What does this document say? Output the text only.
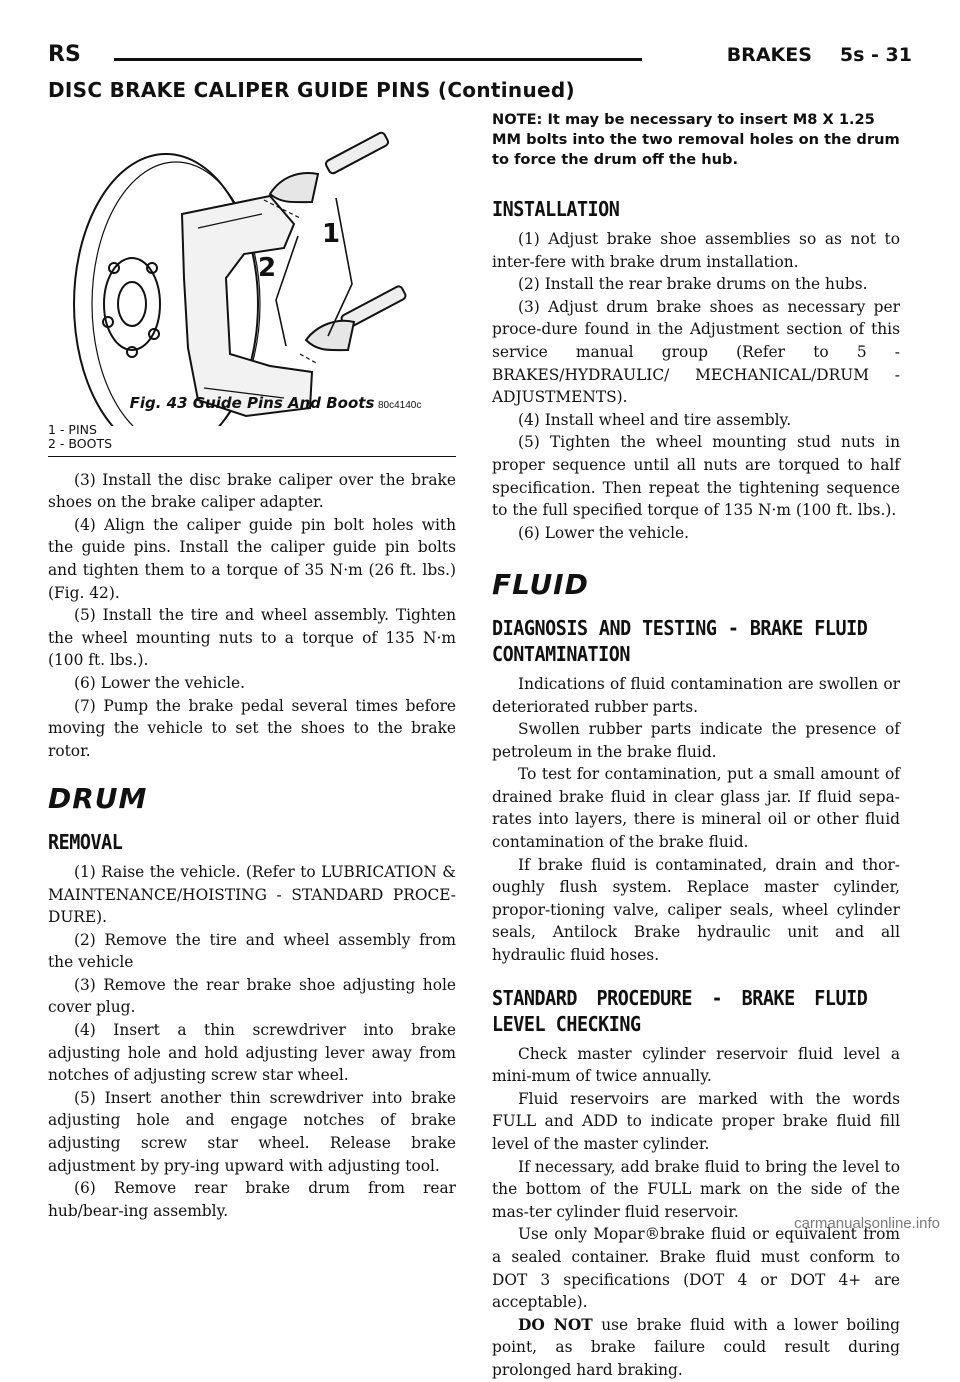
RS	BRAKES 5s - 31
DISC BRAKE CALIPER GUIDE PINS (Continued)
2
1
80c4140c
Fig. 43 Guide Pins And Boots
1 - PINS
2 - BOOTS

(3) Install the disc brake caliper over the brake shoes on the brake caliper adapter.

(4) Align the caliper guide pin bolt holes with the guide pins. Install the caliper guide pin bolts and tighten them to a torque of 35 N·m (26 ft. lbs.) (Fig. 42).

(5) Install the tire and wheel assembly. Tighten the wheel mounting nuts to a torque of 135 N·m (100 ft. lbs.).

(6) Lower the vehicle.

(7) Pump the brake pedal several times before moving the vehicle to set the shoes to the brake rotor.

DRUM
REMOVAL

(1) Raise the vehicle. (Refer to LUBRICATION & MAINTENANCE/HOISTING - STANDARD PROCE-DURE).

(2) Remove the tire and wheel assembly from the vehicle

(3) Remove the rear brake shoe adjusting hole cover plug.

(4) Insert a thin screwdriver into brake adjusting hole and hold adjusting lever away from notches of adjusting screw star wheel.

(5) Insert another thin screwdriver into brake adjusting hole and engage notches of brake adjusting screw star wheel. Release brake adjustment by pry-ing upward with adjusting tool.

(6) Remove rear brake drum from rear hub/bear-ing assembly.

NOTE: It may be necessary to insert M8 X 1.25 MM bolts into the two removal holes on the drum to force the drum off the hub.

INSTALLATION

(1) Adjust brake shoe assemblies so as not to inter-fere with brake drum installation.

(2) Install the rear brake drums on the hubs.

(3) Adjust drum brake shoes as necessary per proce-dure found in the Adjustment section of this service manual group (Refer to 5 - BRAKES/HYDRAULIC/ MECHANICAL/DRUM - ADJUSTMENTS).

(4) Install wheel and tire assembly.

(5) Tighten the wheel mounting stud nuts in proper sequence until all nuts are torqued to half specification. Then repeat the tightening sequence to the full specified torque of 135 N·m (100 ft. lbs.).

(6) Lower the vehicle.

FLUID
DIAGNOSIS AND TESTING - BRAKE FLUID CONTAMINATION

Indications of fluid contamination are swollen or deteriorated rubber parts.

Swollen rubber parts indicate the presence of petroleum in the brake fluid.

To test for contamination, put a small amount of drained brake fluid in clear glass jar. If fluid sepa-rates into layers, there is mineral oil or other fluid contamination of the brake fluid.

If brake fluid is contaminated, drain and thor-oughly flush system. Replace master cylinder, propor-tioning valve, caliper seals, wheel cylinder seals, Antilock Brake hydraulic unit and all hydraulic fluid hoses.

STANDARD PROCEDURE - BRAKE FLUID LEVEL CHECKING

Check master cylinder reservoir fluid level a mini-mum of twice annually.

Fluid reservoirs are marked with the words FULL and ADD to indicate proper brake fluid fill level of the master cylinder.

If necessary, add brake fluid to bring the level to the bottom of the FULL mark on the side of the mas-ter cylinder fluid reservoir.

Use only Mopar®brake fluid or equivalent from a sealed container. Brake fluid must conform to DOT 3 specifications (DOT 4 or DOT 4+ are acceptable).

DO NOT use brake fluid with a lower boiling point, as brake failure could result during prolonged hard braking.

carmanualsonline.info
